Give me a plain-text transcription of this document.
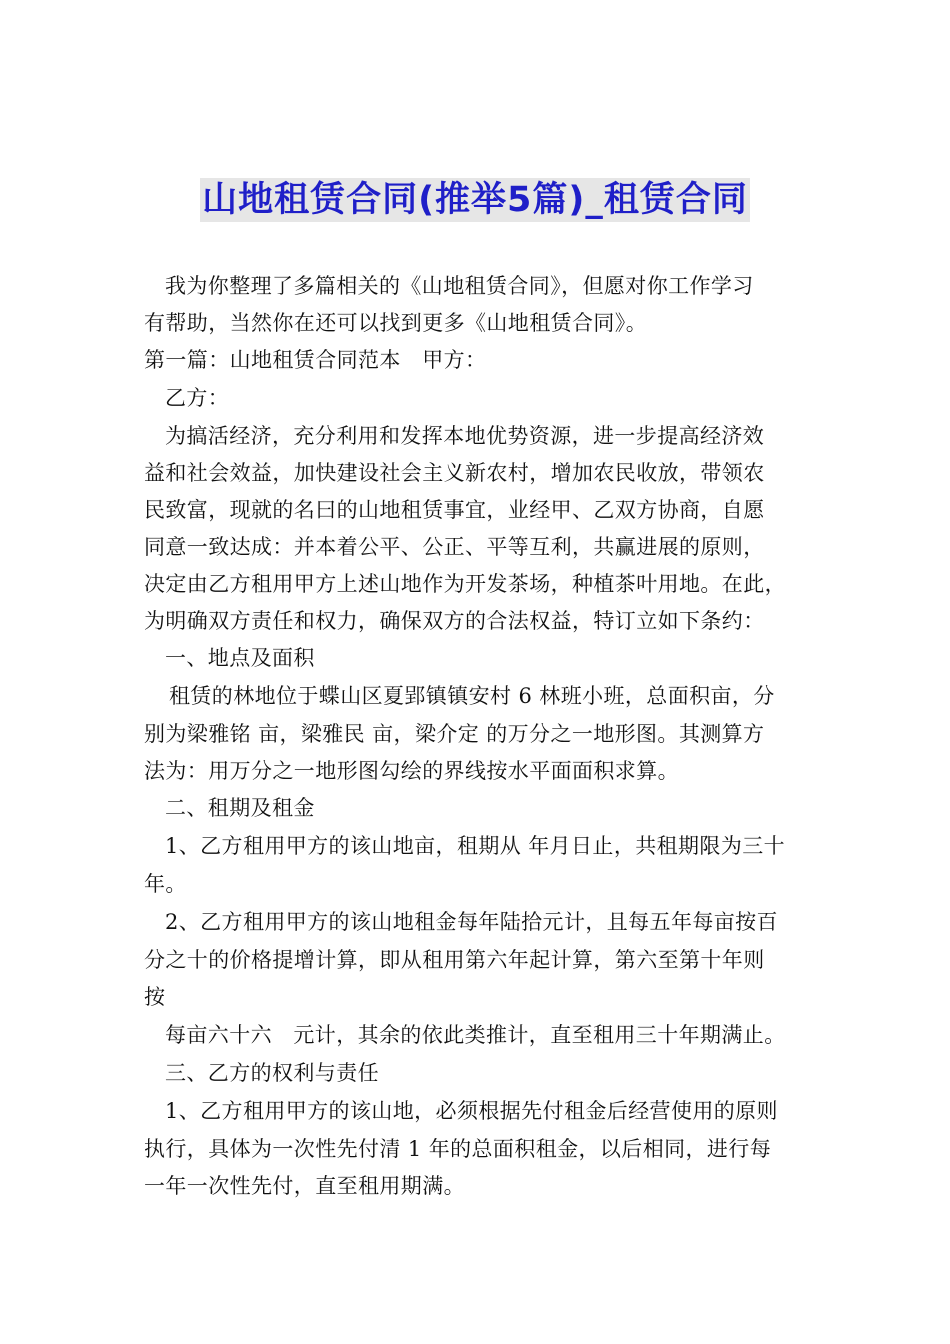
山地租赁合同(推举5篇)_租赁合同
我为你整理了多篇相关的《山地租赁合同》，但愿对你工作学习
有帮助，当然你在还可以找到更多《山地租赁合同》。
第一篇：山地租赁合同范本　甲方：
乙方：
为搞活经济，充分利用和发挥本地优势资源，进一步提高经济效
益和社会效益，加快建设社会主义新农村，增加农民收放，带领农
民致富，现就的名曰的山地租赁事宜，业经甲、乙双方协商，自愿
同意一致达成：并本着公平、公正、平等互利，共赢进展的原则，
决定由乙方租用甲方上述山地作为开发茶场，种植茶叶用地。在此，
为明确双方责任和权力，确保双方的合法权益，特订立如下条约：
一、地点及面积
租赁的林地位于蝶山区夏郢镇镇安村 6 林班小班，总面积亩，分
别为梁雅铭 亩，梁雅民 亩，梁介定 的万分之一地形图。其测算方
法为：用万分之一地形图勾绘的界线按水平面面积求算。
二、租期及租金
1、乙方租用甲方的该山地亩，租期从 年月日止，共租期限为三十
年。
2、乙方租用甲方的该山地租金每年陆拾元计，且每五年每亩按百
分之十的价格提增计算，即从租用第六年起计算，第六至第十年则
按
每亩六十六　元计，其余的依此类推计，直至租用三十年期满止。
三、乙方的权利与责任
1、乙方租用甲方的该山地，必须根据先付租金后经营使用的原则
执行，具体为一次性先付清 1 年的总面积租金，以后相同，进行每
一年一次性先付，直至租用期满。
